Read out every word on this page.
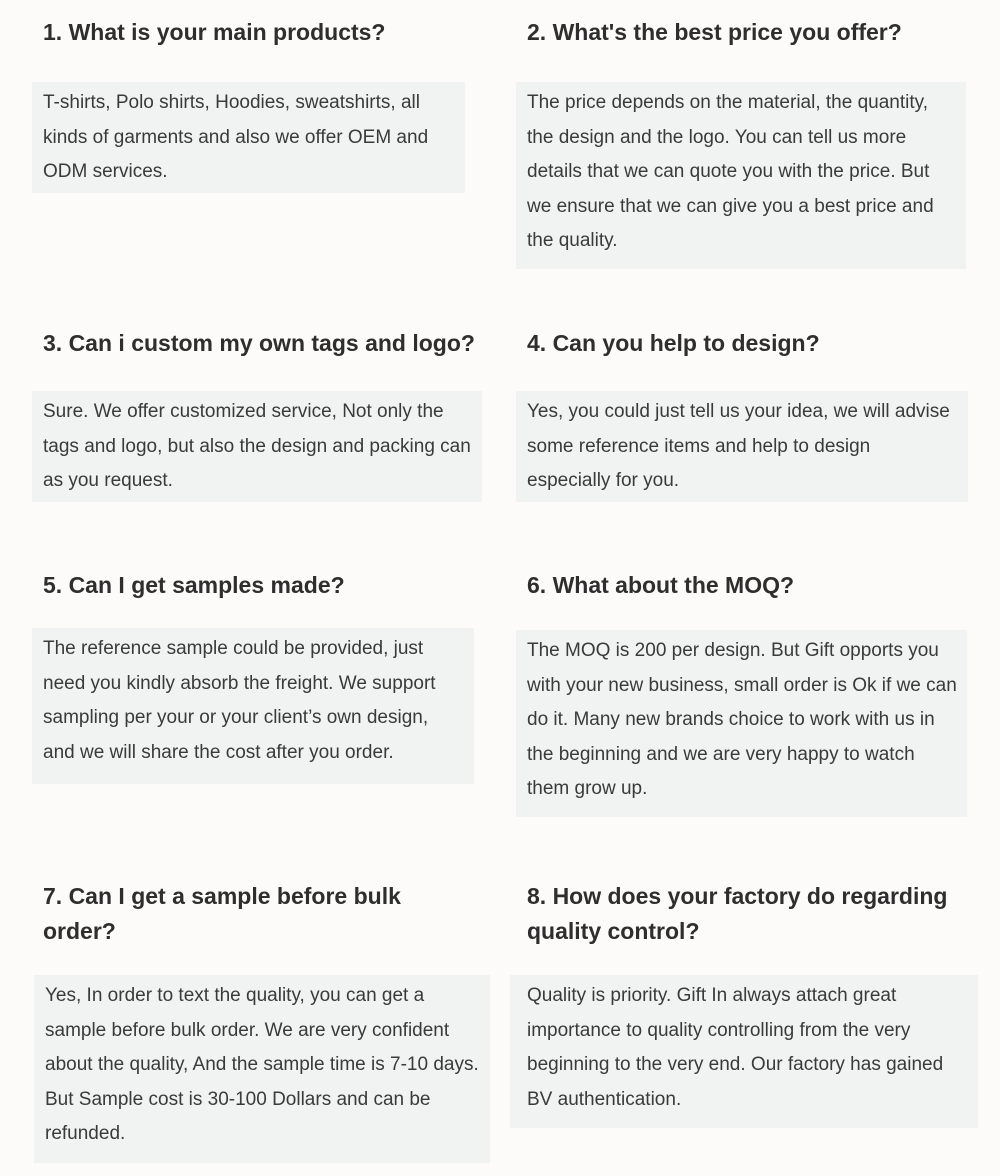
1. What is your main products?
T-shirts, Polo shirts, Hoodies, sweatshirts, all kinds of garments and also we offer OEM and ODM services.
2. What's the best price you offer?
The price depends on the material, the quantity, the design and the logo. You can tell us more details that we can quote you with the price. But we ensure that we can give you a best price and the quality.
3. Can i custom my own tags and logo?
Sure. We offer customized service, Not only the tags and logo, but also the design and packing can as you request.
4. Can you help to design?
Yes, you could just tell us your idea, we will advise some reference items and help to design especially for you.
5. Can I get samples made?
The reference sample could be provided, just need you kindly absorb the freight. We support sampling per your or your client’s own design, and we will share the cost after you order.
6. What about the MOQ?
The MOQ is 200 per design. But Gift opports you with your new business, small order is Ok if we can do it. Many new brands choice to work with us in the beginning and we are very happy to watch them grow up.
7. Can I get a sample before bulk order?
Yes, In order to text the quality, you can get a sample before bulk order. We are very confident about the quality, And the sample time is 7-10 days. But Sample cost is 30-100 Dollars and can be refunded.
8. How does your factory do regarding quality control?
Quality is priority. Gift In always attach great importance to quality controlling from the very beginning to the very end. Our factory has gained BV authentication.
